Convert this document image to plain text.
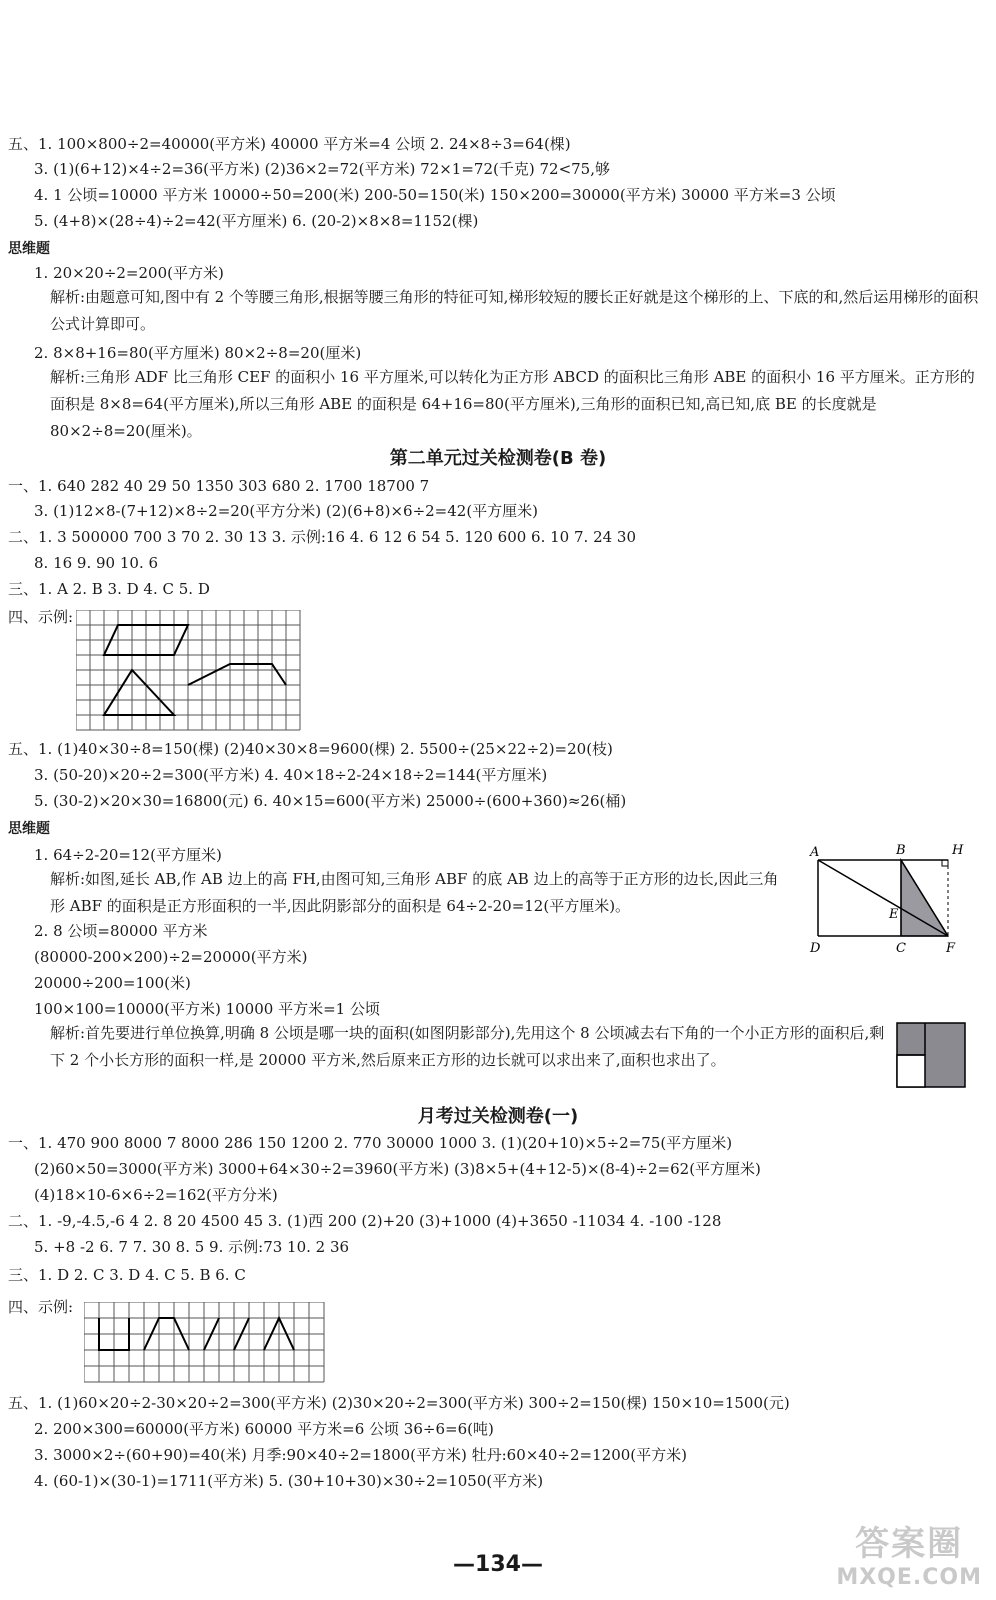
五、1. 100×800÷2=40000(平方米) 40000 平方米=4 公顷 2. 24×8÷3=64(棵)
3. (1)(6+12)×4÷2=36(平方米) (2)36×2=72(平方米) 72×1=72(千克) 72<75,够
4. 1 公顷=10000 平方米 10000÷50=200(米) 200-50=150(米) 150×200=30000(平方米) 30000 平方米=3 公顷
5. (4+8)×(28÷4)÷2=42(平方厘米) 6. (20-2)×8×8=1152(棵)
思维题
1. 20×20÷2=200(平方米)
解析:由题意可知,图中有 2 个等腰三角形,根据等腰三角形的特征可知,梯形较短的腰长正好就是这个梯形的上、下底的和,然后运用梯形的面积公式计算即可。
2. 8×8+16=80(平方厘米) 80×2÷8=20(厘米)
解析:三角形 ADF 比三角形 CEF 的面积小 16 平方厘米,可以转化为正方形 ABCD 的面积比三角形 ABE 的面积小 16 平方厘米。正方形的面积是 8×8=64(平方厘米),所以三角形 ABE 的面积是 64+16=80(平方厘米),三角形的面积已知,高已知,底 BE 的长度就是 80×2÷8=20(厘米)。
第二单元过关检测卷(B 卷)
一、1. 640 282 40 29 50 1350 303 680 2. 1700 18700 7
3. (1)12×8-(7+12)×8÷2=20(平方分米) (2)(6+8)×6÷2=42(平方厘米)
二、1. 3 500000 700 3 70 2. 30 13 3. 示例:16 4. 6 12 6 54 5. 120 600 6. 10 7. 24 30
8. 16 9. 90 10. 6
三、1. A 2. B 3. D 4. C 5. D
四、示例:
五、1. (1)40×30÷8=150(棵) (2)40×30×8=9600(棵) 2. 5500÷(25×22÷2)=20(枝)
3. (50-20)×20÷2=300(平方米) 4. 40×18÷2-24×18÷2=144(平方厘米)
5. (30-2)×20×30=16800(元) 6. 40×15=600(平方米) 25000÷(600+360)≈26(桶)
思维题
1. 64÷2-20=12(平方厘米)
解析:如图,延长 AB,作 AB 边上的高 FH,由图可知,三角形 ABF 的底 AB 边上的高等于正方形的边长,因此三角形 ABF 的面积是正方形面积的一半,因此阴影部分的面积是 64÷2-20=12(平方厘米)。
2. 8 公顷=80000 平方米
(80000-200×200)÷2=20000(平方米)
20000÷200=100(米)
100×100=10000(平方米) 10000 平方米=1 公顷
解析:首先要进行单位换算,明确 8 公顷是哪一块的面积(如图阴影部分),先用这个 8 公顷减去右下角的一个小正方形的面积后,剩下 2 个小长方形的面积一样,是 20000 平方米,然后原来正方形的边长就可以求出来了,面积也求出了。
A	B	H
E
D	C	F
月考过关检测卷(一)
一、1. 470 900 8000 7 8000 286 150 1200 2. 770 30000 1000 3. (1)(20+10)×5÷2=75(平方厘米)
(2)60×50=3000(平方米) 3000+64×30÷2=3960(平方米) (3)8×5+(4+12-5)×(8-4)÷2=62(平方厘米)
(4)18×10-6×6÷2=162(平方分米)
二、1. -9,-4.5,-6 4 2. 8 20 4500 45 3. (1)西 200 (2)+20 (3)+1000 (4)+3650 -11034 4. -100 -128
5. +8 -2 6. 7 7. 30 8. 5 9. 示例:73 10. 2 36
三、1. D 2. C 3. D 4. C 5. B 6. C
四、示例:
五、1. (1)60×20÷2-30×20÷2=300(平方米) (2)30×20÷2=300(平方米) 300÷2=150(棵) 150×10=1500(元)
2. 200×300=60000(平方米) 60000 平方米=6 公顷 36÷6=6(吨)
3. 3000×2÷(60+90)=40(米) 月季:90×40÷2=1800(平方米) 牡丹:60×40÷2=1200(平方米)
4. (60-1)×(30-1)=1711(平方米) 5. (30+10+30)×30÷2=1050(平方米)
—134—
答案圈
MXQE.COM
